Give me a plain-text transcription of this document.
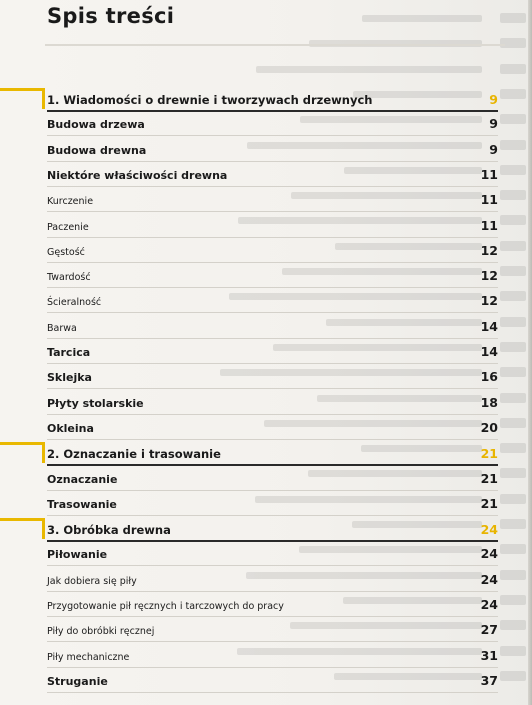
Spis treści
1. Wiadomości o drewnie i tworzywach drzewnych	9
Budowa drzewa	9
Budowa drewna	9
Niektóre właściwości drewna	11
Kurczenie	11
Paczenie	11
Gęstość	12
Twardość	12
Ścieralność	12
Barwa	14
Tarcica	14
Sklejka	16
Płyty stolarskie	18
Okleina	20
2. Oznaczanie i trasowanie	21
Oznaczanie	21
Trasowanie	21
3. Obróbka drewna	24
Piłowanie	24
Jak dobiera się piły	24
Przygotowanie pił ręcznych i tarczowych do pracy	24
Piły do obróbki ręcznej	27
Piły mechaniczne	31
Struganie	37
